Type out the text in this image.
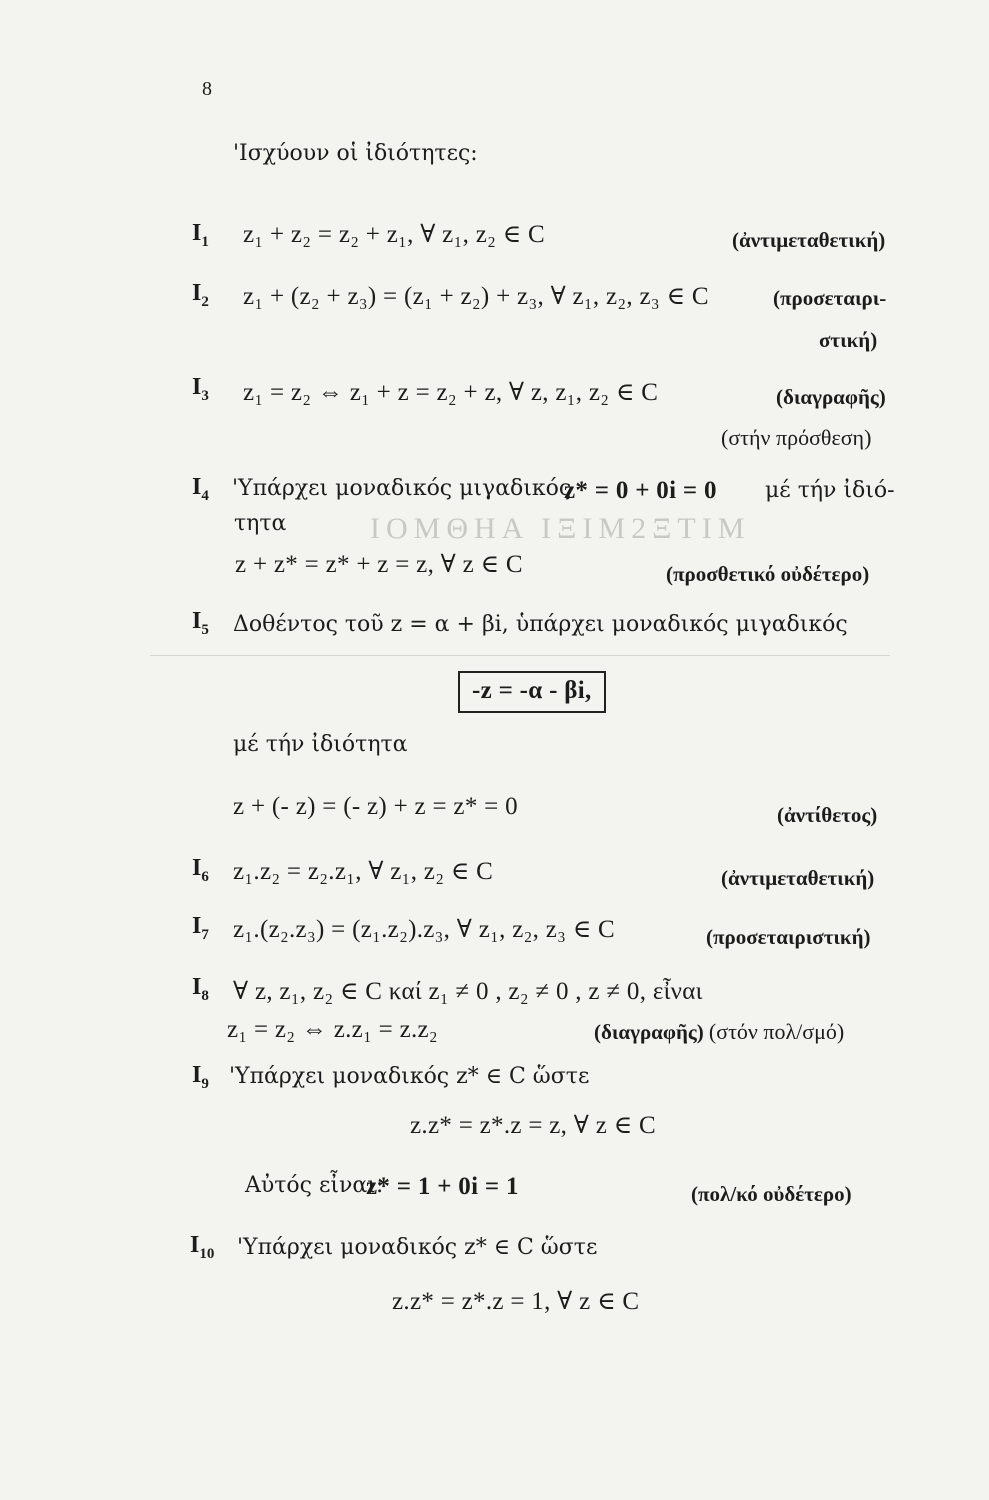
ΙΟΜΘΗΑ ΙΞΙΜ2ΞΤΙΜ
8
'Ισχύουν οἱ ἰδιότητες:
$I_1$ z₁ + z₂ = z₂ + z₁, ∀ z₁, z₂ ∈ C	(ἀντιμεταθετική)
$I_2$ z₁ + (z₂ + z₃) = (z₁ + z₂) + z₃, ∀ z₁, z₂, z₃ ∈ C	(προσεταιρι-
στική)
$I_3$ z₁ = z₂ ⇔ z₁ + z = z₂ + z, ∀ z, z₁, z₂ ∈ C	(διαγραφῆς)
(στήν πρόσθεση)
$I_4$ 'Υπάρχει μοναδικός μιγαδικός
z* = 0 + 0i = 0 μέ τήν ἰδιό-
τητα
z + z* = z* + z = z, ∀ z ∈ C	(προσθετικό οὐδέτερο)
$I_5$ Δοθέντος τοῦ z = α + βi, ὑπάρχει μοναδικός μιγαδικός
-z = -α - βi,
μέ τήν ἰδιότητα
z + (- z) = (- z) + z = z* = 0	(ἀντίθετος)
$I_6$ z₁.z₂ = z₂.z₁, ∀ z₁, z₂ ∈ C	(ἀντιμεταθετική)
$I_7$ z₁.(z₂.z₃) = (z₁.z₂).z₃, ∀ z₁, z₂, z₃ ∈ C	(προσεταιριστική)
$I_8$ ∀ z, z₁, z₂ ∈ C καί z₁ ≠ 0 , z₂ ≠ 0 , z ≠ 0, εἶναι
z₁ = z₂ ⇔ z.z₁ = z.z₂	(διαγραφῆς) (στόν πολ/σμό)
$I_9$ 'Υπάρχει μοναδικός z* ∈ C ὥστε
z.z* = z*.z = z, ∀ z ∈ C
Αὐτός εἶναι:
z* = 1 + 0i = 1	(πολ/κό οὐδέτερο)
$I_{10}$ 'Υπάρχει μοναδικός z* ∈ C ὥστε
z.z* = z*.z = 1, ∀ z ∈ C
